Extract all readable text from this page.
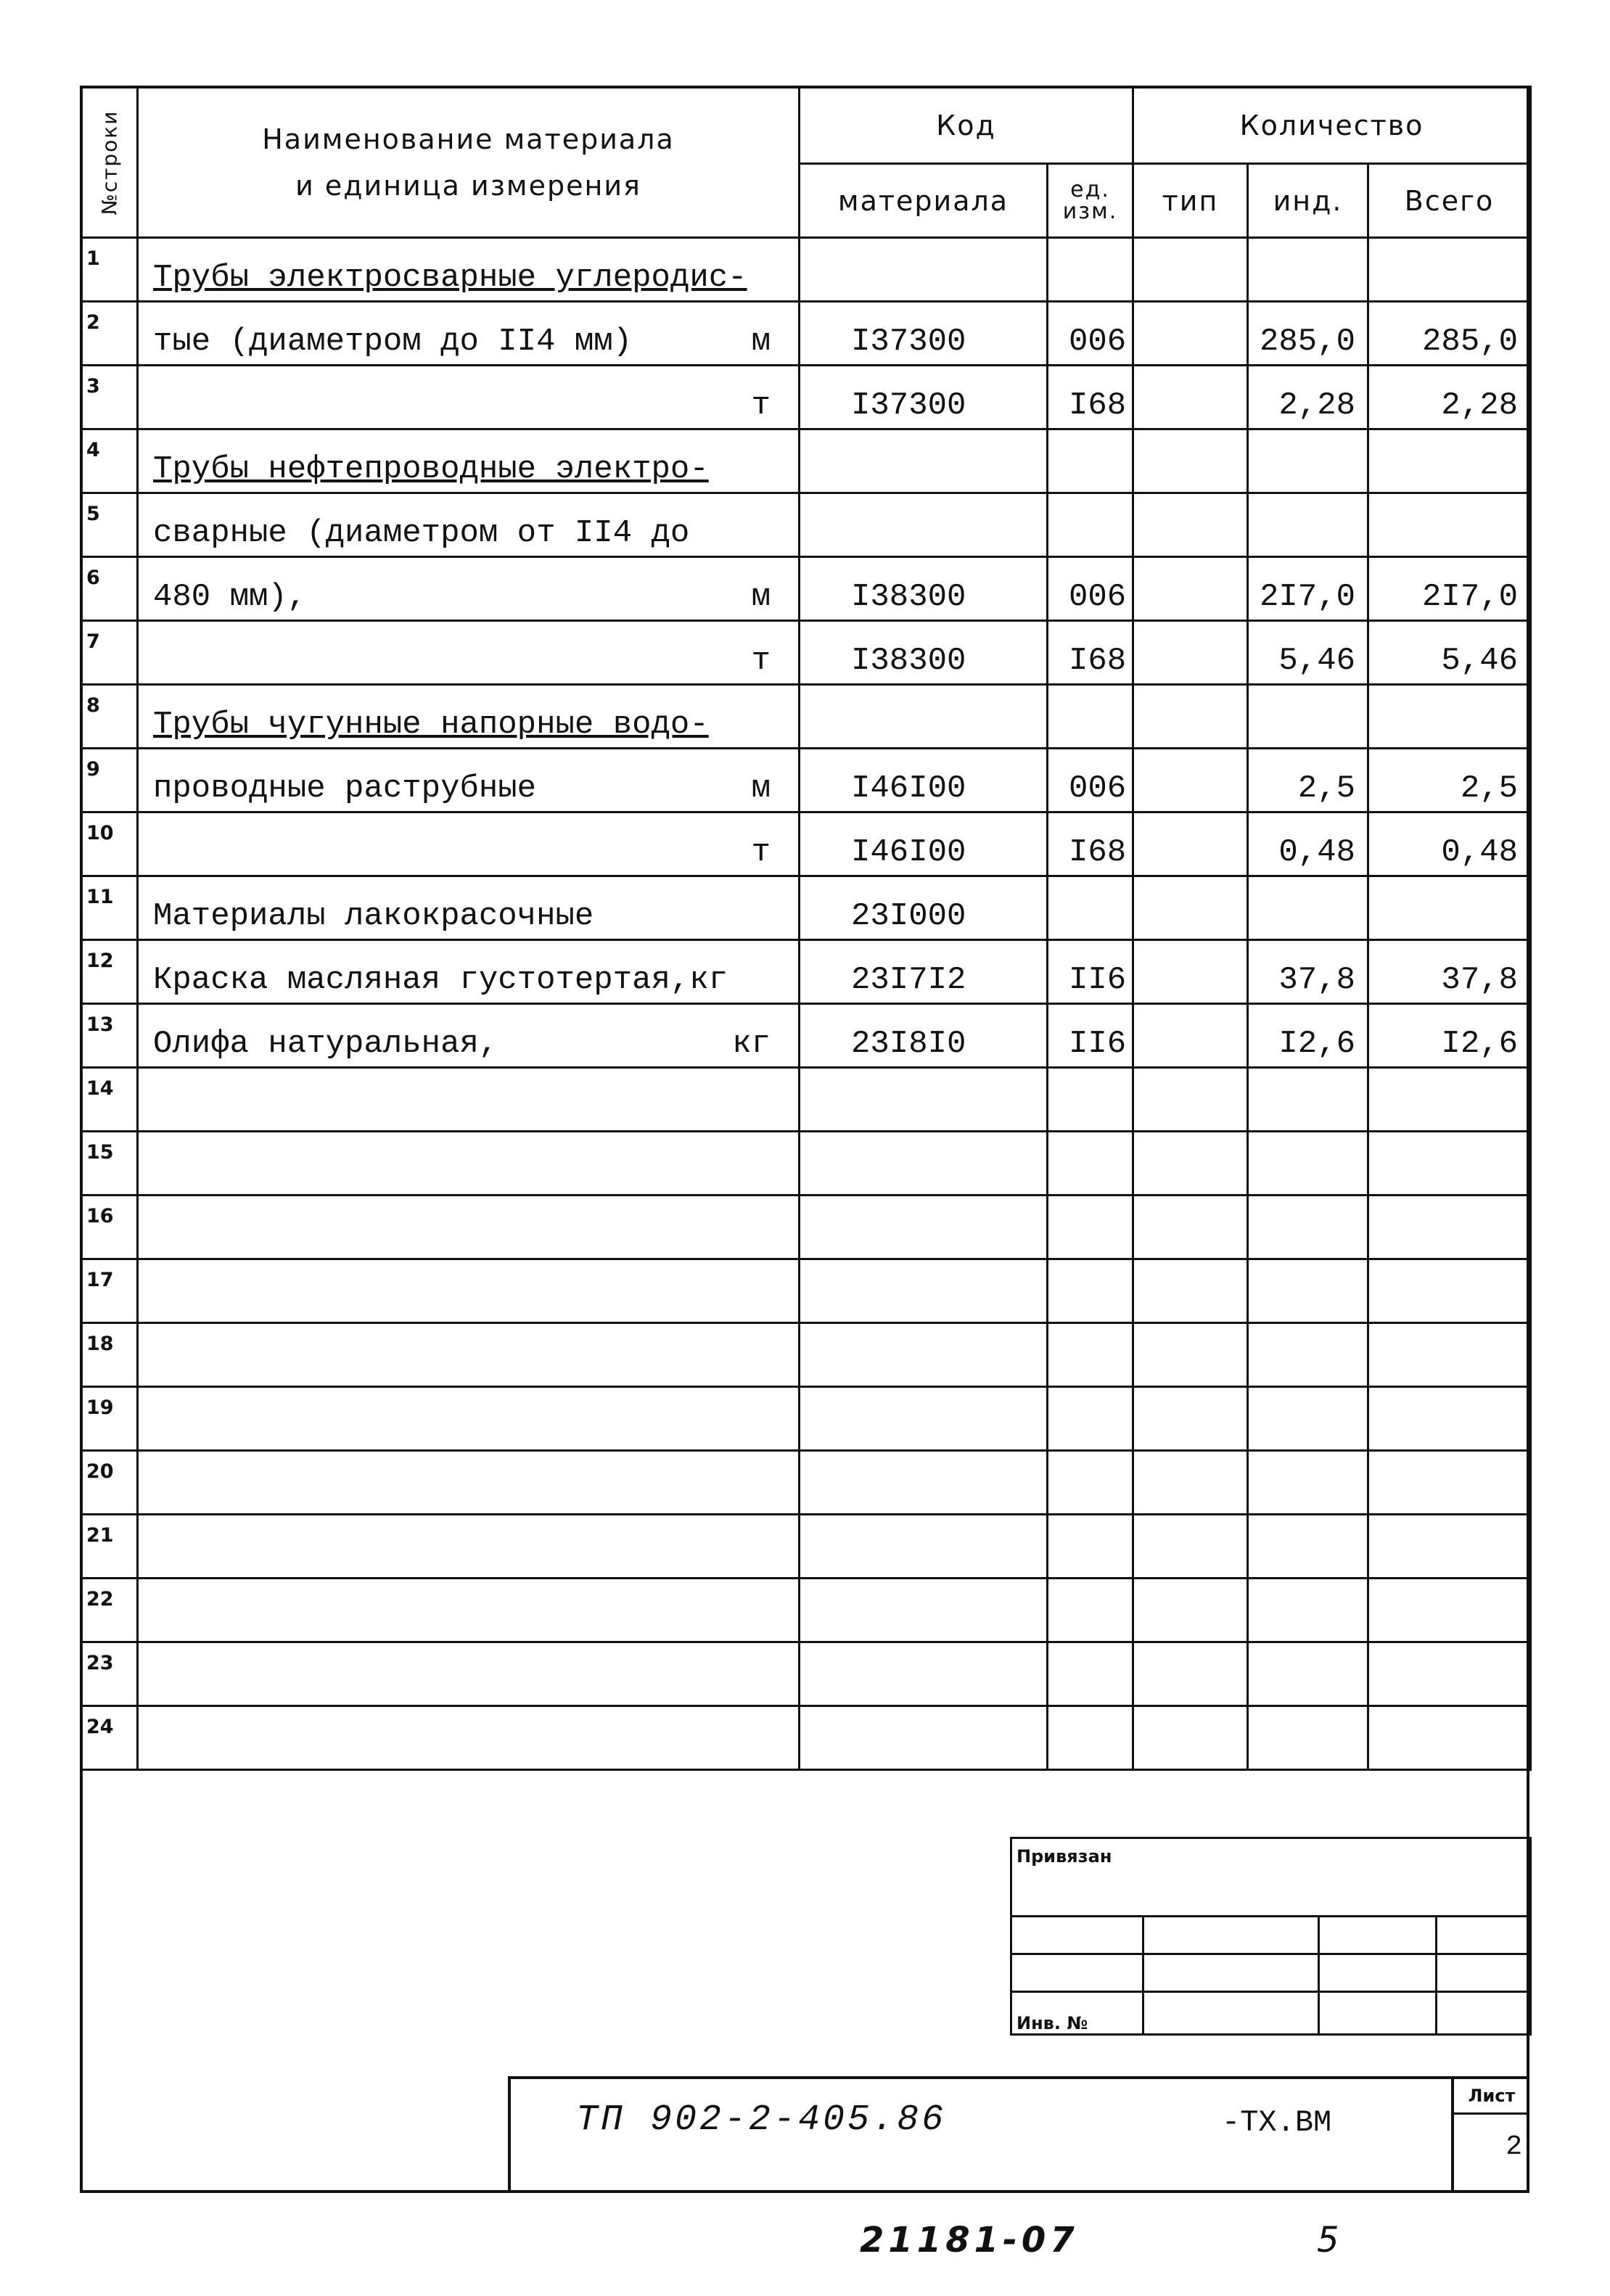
№строки	Наименование материала
и единица измерения	Код		Количество		
		материала	ед. изм.	тип	инд.	Всего
1	Трубы электросварные углеродис-

2	тые (диаметром до II4 мм) м	I37300	006		285,0	285,0
3	т	I37300	I68		2,28	2,28
4	Трубы нефтепроводные электро-

5	сварные (диаметром от II4 до

6	480 мм), м	I38300	006		2I7,0	2I7,0
7	т	I38300	I68		5,46	5,46
8	Трубы чугунные напорные водо-

9	проводные раструбные м	I46I00	006		2,5	2,5
10	т	I46I00	I68		0,48	0,48
11	Материалы лакокрасочные	23I000				
12	Краска масляная густотертая,кг	23I7I2	II6		37,8	37,8
13	Олифа натуральная, кг	23I8I0	II6		I2,6	I2,6
14	

15	

16	

17	

18	

19	

20	

21	

22	

23	

24	

Привязан			

Инв. №			

ТП 902-2-405.86	-ТХ.ВМ
Лист
2
21181-07	5
